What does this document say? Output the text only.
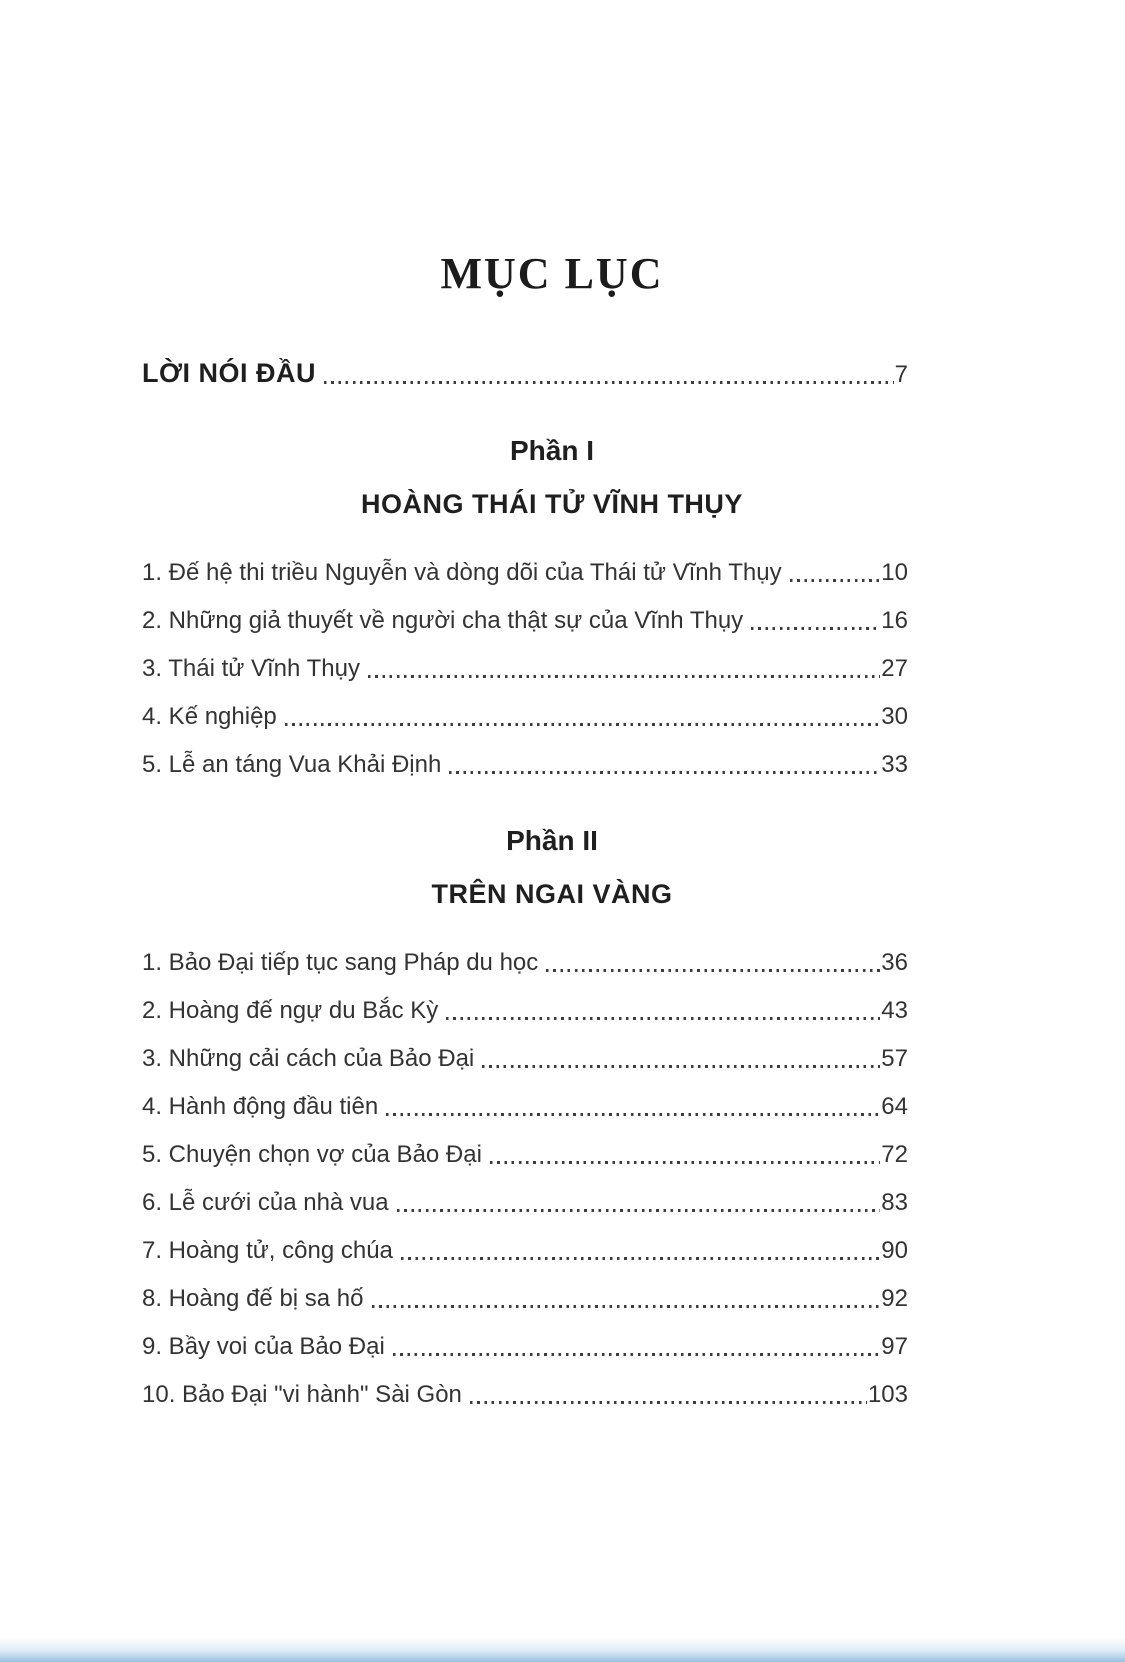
MỤC LỤC
LỜI NÓI ĐẦU	7
Phần I
HOÀNG THÁI TỬ VĨNH THỤY
1. Đế hệ thi triều Nguyễn và dòng dõi của Thái tử Vĩnh Thụy	10
2. Những giả thuyết về người cha thật sự của Vĩnh Thụy	16
3. Thái tử Vĩnh Thụy	27
4. Kế nghiệp	30
5. Lễ an táng Vua Khải Định	33
Phần II
TRÊN NGAI VÀNG
1. Bảo Đại tiếp tục sang Pháp du học	36
2. Hoàng đế ngự du Bắc Kỳ	43
3. Những cải cách của Bảo Đại	57
4. Hành động đầu tiên	64
5. Chuyện chọn vợ của Bảo Đại	72
6. Lễ cưới của nhà vua	83
7. Hoàng tử, công chúa	90
8. Hoàng đế bị sa hố	92
9. Bầy voi của Bảo Đại	97
10. Bảo Đại "vi hành" Sài Gòn	103
